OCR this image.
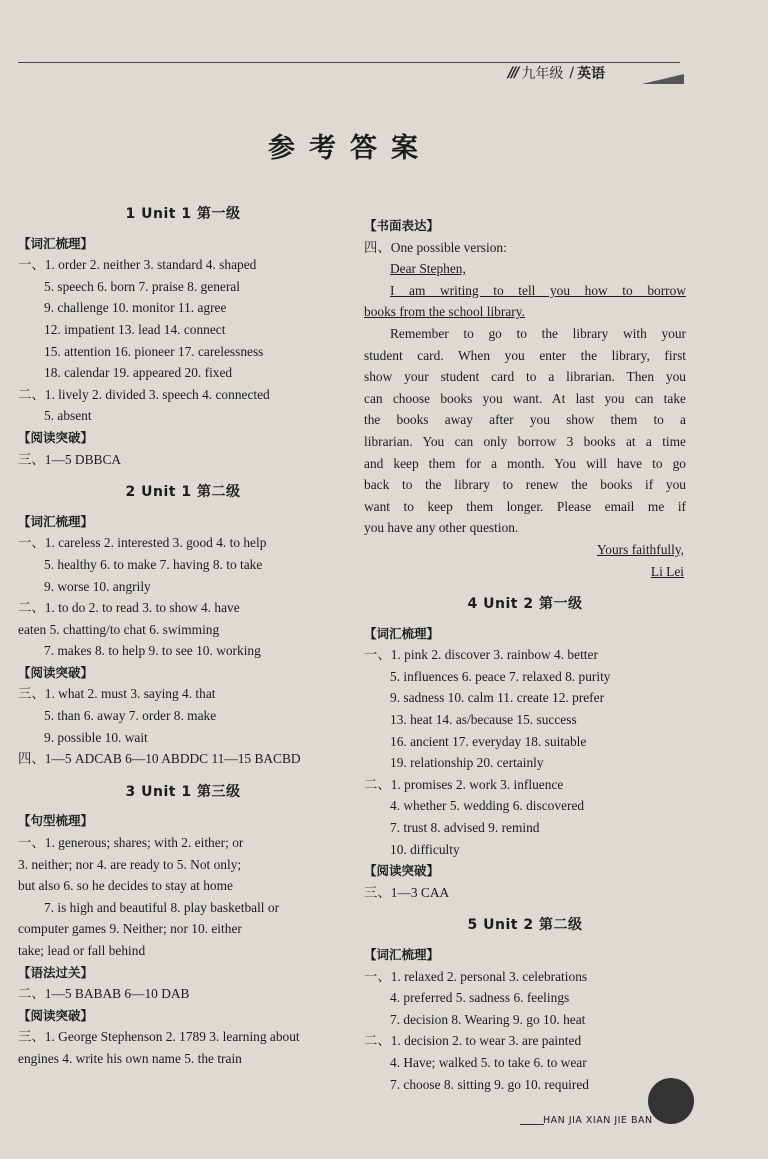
/// 九年级 / 英语
参考答案
1 Unit 1 第一级
【词汇梳理】
一、1. order 2. neither 3. standard 4. shaped
5. speech 6. born 7. praise 8. general
9. challenge 10. monitor 11. agree
12. impatient 13. lead 14. connect
15. attention 16. pioneer 17. carelessness
18. calendar 19. appeared 20. fixed
二、1. lively 2. divided 3. speech 4. connected
5. absent
【阅读突破】
三、1—5 DBBCA
2 Unit 1 第二级
【词汇梳理】
一、1. careless 2. interested 3. good 4. to help
5. healthy 6. to make 7. having 8. to take
9. worse 10. angrily
二、1. to do 2. to read 3. to show 4. have
eaten 5. chatting/to chat 6. swimming
7. makes 8. to help 9. to see 10. working
【阅读突破】
三、1. what 2. must 3. saying 4. that
5. than 6. away 7. order 8. make
9. possible 10. wait
四、1—5 ADCAB 6—10 ABDDC 11—15 BACBD
3 Unit 1 第三级
【句型梳理】
一、1. generous; shares; with 2. either; or
3. neither; nor 4. are ready to 5. Not only;
but also 6. so he decides to stay at home
7. is high and beautiful 8. play basketball or
computer games 9. Neither; nor 10. either
take; lead or fall behind
【语法过关】
二、1—5 BABAB 6—10 DAB
【阅读突破】
三、1. George Stephenson 2. 1789 3. learning about
engines 4. write his own name 5. the train
【书面表达】
四、One possible version:
Dear Stephen,
I am writing to tell you how to borrow
books from the school library.
Remember to go to the library with your
student card. When you enter the library, first
show your student card to a librarian. Then you
can choose books you want. At last you can take
the books away after you show them to a
librarian. You can only borrow 3 books at a time
and keep them for a month. You will have to go
back to the library to renew the books if you
want to keep them longer. Please email me if
you have any other question.
Yours faithfully,
Li Lei
4 Unit 2 第一级
【词汇梳理】
一、1. pink 2. discover 3. rainbow 4. better
5. influences 6. peace 7. relaxed 8. purity
9. sadness 10. calm 11. create 12. prefer
13. heat 14. as/because 15. success
16. ancient 17. everyday 18. suitable
19. relationship 20. certainly
二、1. promises 2. work 3. influence
4. whether 5. wedding 6. discovered
7. trust 8. advised 9. remind
10. difficulty
【阅读突破】
三、1—3 CAA
5 Unit 2 第二级
【词汇梳理】
一、1. relaxed 2. personal 3. celebrations
4. preferred 5. sadness 6. feelings
7. decision 8. Wearing 9. go 10. heat
二、1. decision 2. to wear 3. are painted
4. Have; walked 5. to take 6. to wear
7. choose 8. sitting 9. go 10. required
HAN JIA XIAN JIE BAN
